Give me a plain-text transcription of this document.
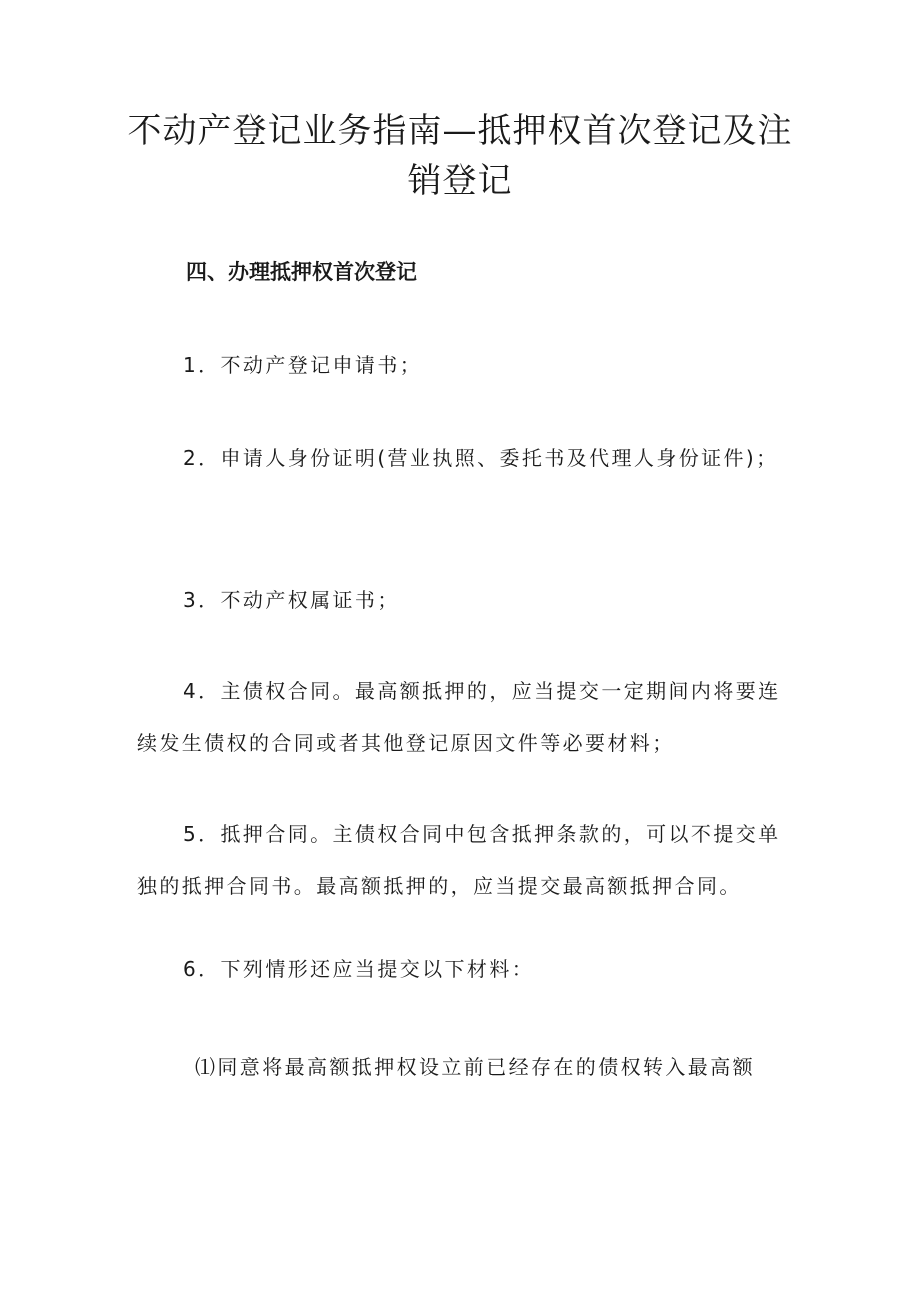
不动产登记业务指南—抵押权首次登记及注销登记
四、办理抵押权首次登记

1．不动产登记申请书；

2．申请人身份证明(营业执照、委托书及代理人身份证件)；

3．不动产权属证书；

4．主债权合同。最高额抵押的，应当提交一定期间内将要连续发生债权的合同或者其他登记原因文件等必要材料；

5．抵押合同。主债权合同中包含抵押条款的，可以不提交单独的抵押合同书。最高额抵押的，应当提交最高额抵押合同。

6．下列情形还应当提交以下材料：

⑴同意将最高额抵押权设立前已经存在的债权转入最高额
